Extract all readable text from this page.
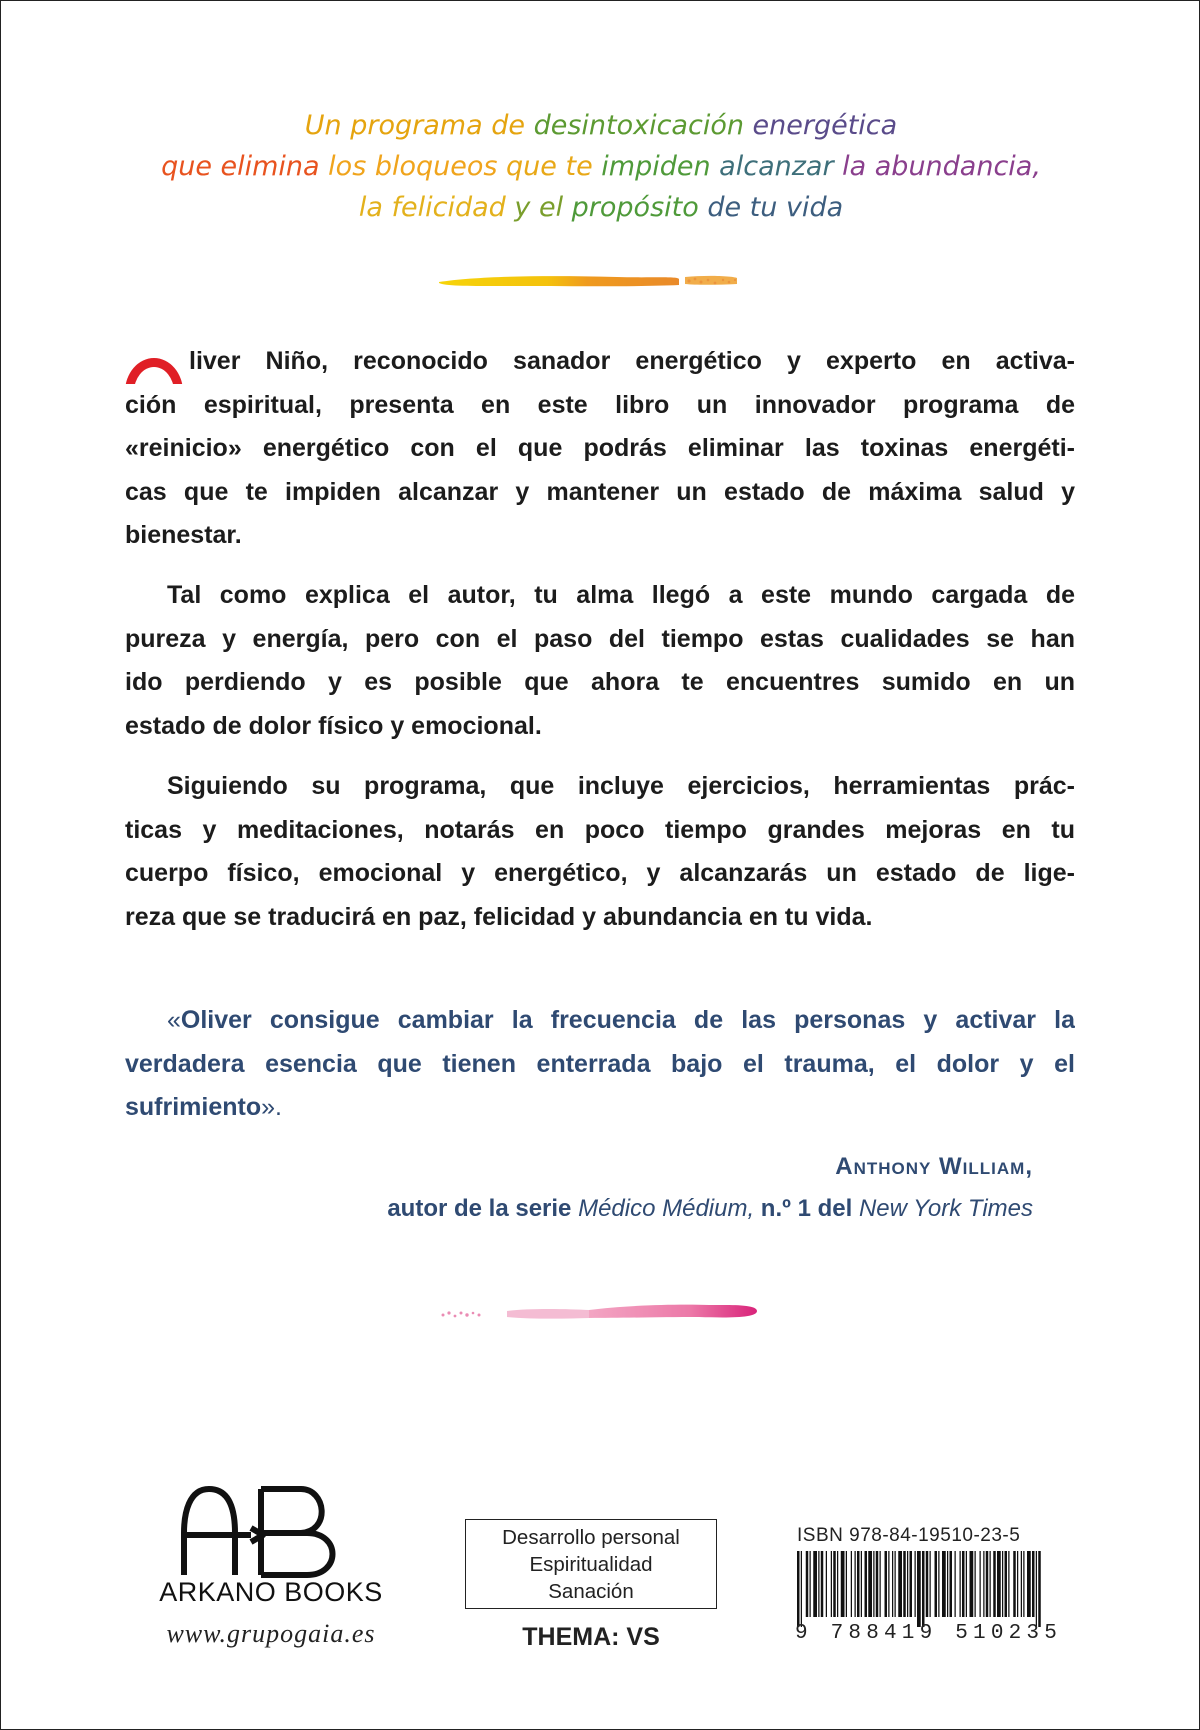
Un programa de desintoxicación energética
que elimina los bloqueos que te impiden alcanzar la abundancia,
la felicidad y el propósito de tu vida
liver Niño, reconocido sanador energético y experto en activa-
ción espiritual, presenta en este libro un innovador programa de
«reinicio» energético con el que podrás eliminar las toxinas energéti-
cas que te impiden alcanzar y mantener un estado de máxima salud y
bienestar.
Tal como explica el autor, tu alma llegó a este mundo cargada de
pureza y energía, pero con el paso del tiempo estas cualidades se han
ido perdiendo y es posible que ahora te encuentres sumido en un
estado de dolor físico y emocional.
Siguiendo su programa, que incluye ejercicios, herramientas prác-
ticas y meditaciones, notarás en poco tiempo grandes mejoras en tu
cuerpo físico, emocional y energético, y alcanzarás un estado de lige-
reza que se traducirá en paz, felicidad y abundancia en tu vida.
«Oliver consigue cambiar la frecuencia de las personas y activar la
verdadera esencia que tienen enterrada bajo el trauma, el dolor y el
sufrimiento».
Anthony William,
autor de la serie Médico Médium, n.º 1 del New York Times
ARKANO BOOKS
www.grupogaia.es
Desarrollo personal
Espiritualidad
Sanación
THEMA: VS
ISBN 978-84-19510-23-5
9 788419 510235
